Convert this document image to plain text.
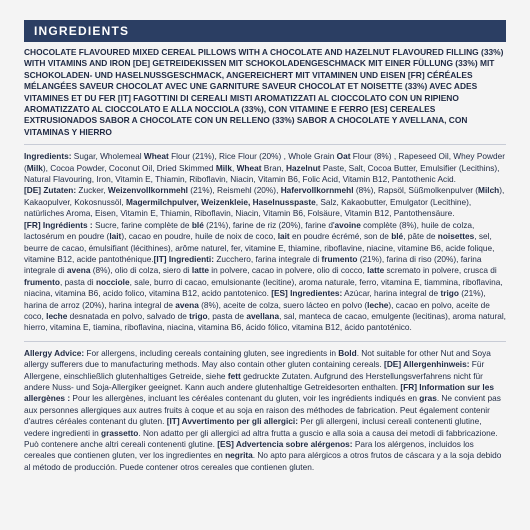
INGREDIENTS

CHOCOLATE FLAVOURED MIXED CEREAL PILLOWS WITH A CHOCOLATE AND HAZELNUT FLAVOURED FILLING (33%) WITH VITAMINS AND IRON [DE] GETREIDEKISSEN MIT SCHOKOLADENGESCHMACK MIT EINER FÜLLUNG (33%) MIT SCHOKOLADEN- UND HASELNUSSGESCHMACK, ANGEREICHERT MIT VITAMINEN UND EISEN [FR] CÉRÉALES MÉLANGÉES SAVEUR CHOCOLAT AVEC UNE GARNITURE SAVEUR CHOCOLAT ET NOISETTE (33%) AVEC ADES VITAMINES ET DU FER [IT] FAGOTTINI DI CEREALI MISTI AROMATIZZATI AL CIOCCOLATO CON UN RIPIENO AROMATIZZATO AL CIOCCOLATO E ALLA NOCCIOLA (33%), CON VITAMINE E FERRO [ES] CEREALES EXTRUSIONADOS SABOR A CHOCOLATE CON UN RELLENO (33%) SABOR A CHOCOLATE Y AVELLANA, CON VITAMINAS Y HIERRO

Ingredients: Sugar, Wholemeal Wheat Flour (21%), Rice Flour (20%) , Whole Grain Oat Flour (8%) , Rapeseed Oil, Whey Powder (Milk), Cocoa Powder, Coconut Oil, Dried Skimmed Milk, Wheat Bran, Hazelnut Paste, Salt, Cocoa Butter, Emulsifier (Lecithins), Natural Flavouring, Iron, Vitamin E, Thiamin, Riboflavin, Niacin, Vitamin B6, Folic Acid, Vitamin B12, Pantothenic Acid.

[DE] Zutaten: Zucker, Weizenvollkornmehl (21%), Reismehl (20%), Hafervollkornmehl (8%), Rapsöl, Süßmolkenpulver (Milch), Kakaopulver, Kokosnussöl, Magermilchpulver, Weizenkleie, Haselnusspaste, Salz, Kakaobutter, Emulgator (Lecithine), natürliches Aroma, Eisen, Vitamin E, Thiamin, Riboflavin, Niacin, Vitamin B6, Folsäure, Vitamin B12, Pantothensäure.

[FR] Ingrédients : Sucre, farine complète de blé (21%), farine de riz (20%), farine d'avoine complète (8%), huile de colza, lactosérum en poudre (lait), cacao en poudre, huile de noix de coco, lait en poudre écrémé, son de blé, pâte de noisettes, sel, beurre de cacao, émulsifiant (lécithines), arôme naturel, fer, vitamine E, thiamine, riboflavine, niacine, vitamine B6, acide folique, vitamine B12, acide pantothénique.[IT] Ingredienti: Zucchero, farina integrale di frumento (21%), farina di riso (20%), farina integrale di avena (8%), olio di colza, siero di latte in polvere, cacao in polvere, olio di cocco, latte scremato in polvere, crusca di frumento, pasta di nocciole, sale, burro di cacao, emulsionante (lecitine), aroma naturale, ferro, vitamina E, tiammina, riboflavina, niacina, vitamina B6, acido folico, vitamina B12, acido pantotenico. [ES] Ingredientes: Azúcar, harina integral de trigo (21%), harina de arroz (20%), harina integral de avena (8%), aceite de colza, suero lácteo en polvo (leche), cacao en polvo, aceite de coco, leche desnatada en polvo, salvado de trigo, pasta de avellana, sal, manteca de cacao, emulgente (lecitinas), aroma natural, hierro, vitamina E, tiamina, riboflavina, niacina, vitamina B6, ácido fólico, vitamina B12, ácido pantoténico.

Allergy Advice: For allergens, including cereals containing gluten, see ingredients in Bold. Not suitable for other Nut and Soya allergy sufferers due to manufacturing methods. May also contain other gluten containing cereals. [DE] Allergenhinweis: Für Allergene, einschließlich glutenhaltiges Getreide, siehe fett gedruckte Zutaten. Aufgrund des Herstellungsverfahrens nicht für andere Nuss- und Soja-Allergiker geeignet. Kann auch andere glutenhaltige Getreidesorten enthalten. [FR] Information sur les allergènes : Pour les allergènes, incluant les céréales contenant du gluten, voir les ingrédients indiqués en gras. Ne convient pas aux personnes allergiques aux autres fruits à coque et au soja en raison des méthodes de fabrication. Peut également contenir d'autres céréales contenant du gluten. [IT] Avvertimento per gli allergici: Per gli allergeni, inclusi cereali contenenti glutine, vedere ingredienti in grassetto. Non adatto per gli allergici ad altra frutta a guscio e alla soia a causa dei metodi di fabbricazione. Può contenere anche altri cereali contenenti glutine. [ES] Advertencia sobre alérgenos: Para los alérgenos, incluidos los cereales que contienen gluten, ver los ingredientes en negrita. No apto para alérgicos a otros frutos de cáscara y a la soja debido al método de producción. Puede contener otros cereales que contienen gluten.
